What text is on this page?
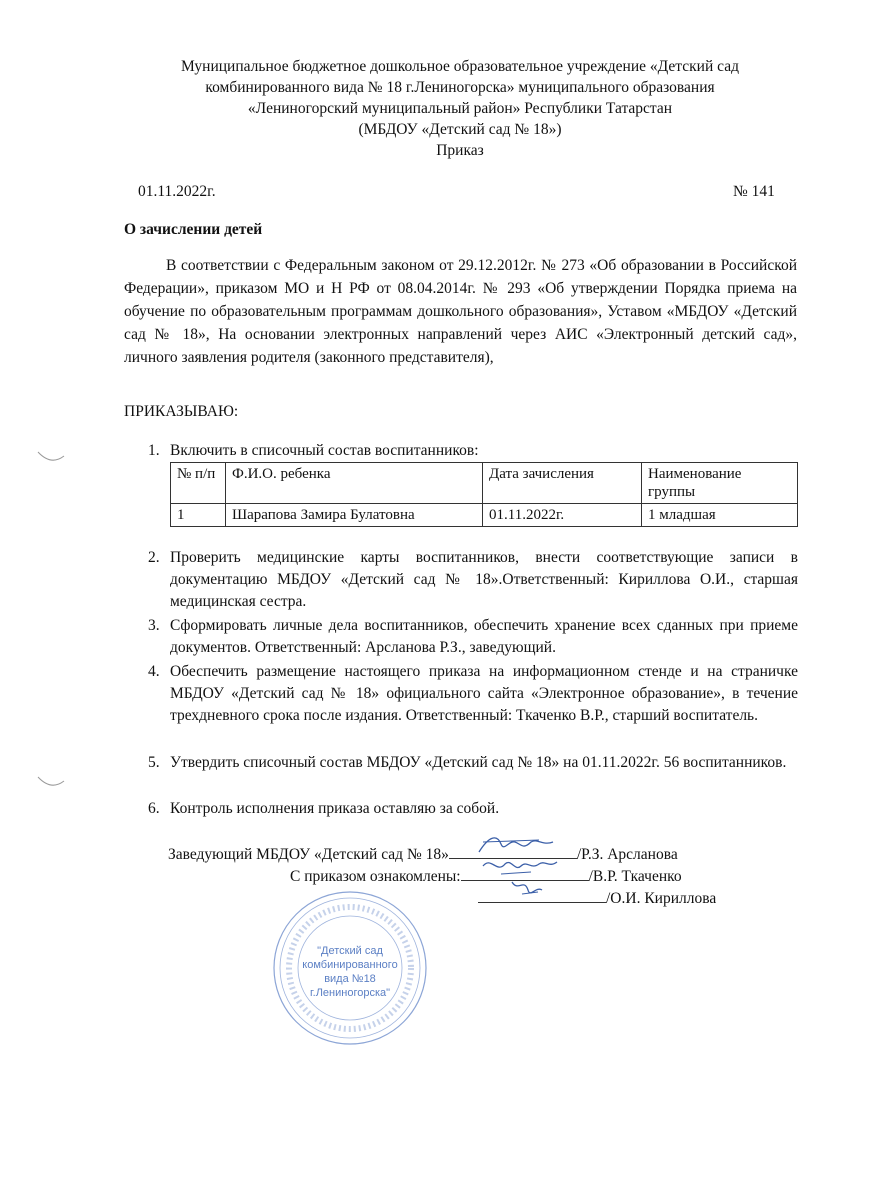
Муниципальное бюджетное дошкольное образовательное учреждение «Детский сад
комбинированного вида № 18 г.Лениногорска» муниципального образования
«Лениногорский муниципальный район» Республики Татарстан
(МБДОУ «Детский сад № 18»)
Приказ
01.11.2022г.	№ 141
О зачислении детей
В соответствии с Федеральным законом от 29.12.2012г. № 273 «Об образовании в Российской Федерации», приказом МО и Н РФ от 08.04.2014г. № 293 «Об утверждении Порядка приема на обучение по образовательным программам дошкольного образования», Уставом «МБДОУ «Детский сад № 18», На основании электронных направлений через АИС «Электронный детский сад», личного заявления родителя (законного представителя),
ПРИКАЗЫВАЮ:
1. Включить в списочный состав воспитанников:
№ п/п	Ф.И.О. ребенка	Дата зачисления	Наименование группы
1	Шарапова Замира Булатовна	01.11.2022г.	1 младшая
2. Проверить медицинские карты воспитанников, внести соответствующие записи в документацию МБДОУ «Детский сад № 18».Ответственный: Кириллова О.И., старшая медицинская сестра.
3. Сформировать личные дела воспитанников, обеспечить хранение всех сданных при приеме документов. Ответственный: Арсланова Р.З., заведующий.
4. Обеспечить размещение настоящего приказа на информационном стенде и на страничке МБДОУ «Детский сад № 18» официального сайта «Электронное образование», в течение трехдневного срока после издания. Ответственный: Ткаченко В.Р., старший воспитатель.
5. Утвердить списочный состав МБДОУ «Детский сад № 18» на 01.11.2022г. 56 воспитанников.
6. Контроль исполнения приказа оставляю за собой.
Заведующий МБДОУ «Детский сад № 18»	/Р.З. Арсланова
С приказом ознакомлены:	/В.Р. Ткаченко
/О.И. Кириллова
"Детский сад
комбинированного
вида №18
г.Лениногорска"
